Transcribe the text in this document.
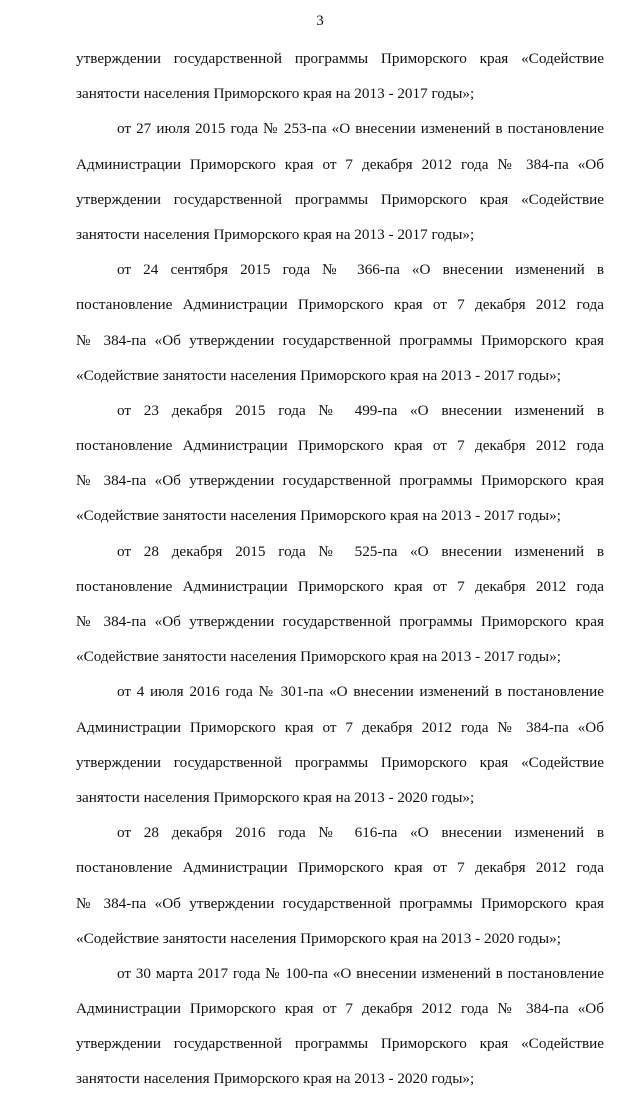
3
утверждении государственной программы Приморского края «Содействие
занятости населения Приморского края на 2013 - 2017 годы»;
от 27 июля 2015 года № 253-па «О внесении изменений в постановление
Администрации Приморского края от 7 декабря 2012 года № 384-па «Об
утверждении государственной программы Приморского края «Содействие
занятости населения Приморского края на 2013 - 2017 годы»;
от 24 сентября 2015 года № 366-па «О внесении изменений в
постановление Администрации Приморского края от 7 декабря 2012 года
№ 384-па «Об утверждении государственной программы Приморского края
«Содействие занятости населения Приморского края на 2013 - 2017 годы»;
от 23 декабря 2015 года № 499-па «О внесении изменений в
постановление Администрации Приморского края от 7 декабря 2012 года
№ 384-па «Об утверждении государственной программы Приморского края
«Содействие занятости населения Приморского края на 2013 - 2017 годы»;
от 28 декабря 2015 года № 525-па «О внесении изменений в
постановление Администрации Приморского края от 7 декабря 2012 года
№ 384-па «Об утверждении государственной программы Приморского края
«Содействие занятости населения Приморского края на 2013 - 2017 годы»;
от 4 июля 2016 года № 301-па «О внесении изменений в постановление
Администрации Приморского края от 7 декабря 2012 года № 384-па «Об
утверждении государственной программы Приморского края «Содействие
занятости населения Приморского края на 2013 - 2020 годы»;
от 28 декабря 2016 года № 616-па «О внесении изменений в
постановление Администрации Приморского края от 7 декабря 2012 года
№ 384-па «Об утверждении государственной программы Приморского края
«Содействие занятости населения Приморского края на 2013 - 2020 годы»;
от 30 марта 2017 года № 100-па «О внесении изменений в постановление
Администрации Приморского края от 7 декабря 2012 года № 384-па «Об
утверждении государственной программы Приморского края «Содействие
занятости населения Приморского края на 2013 - 2020 годы»;
